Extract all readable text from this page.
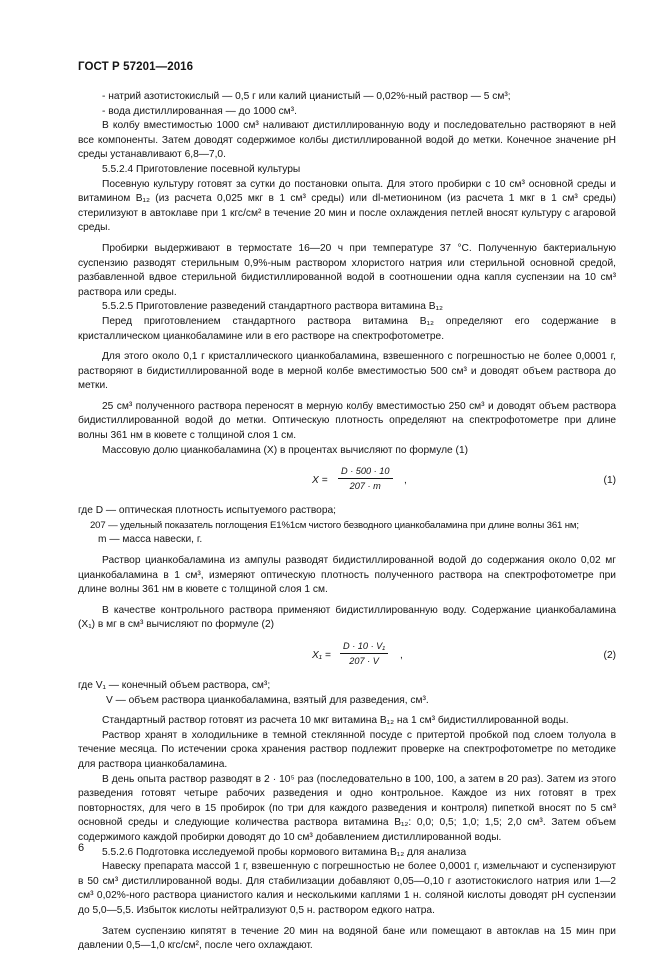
ГОСТ Р 57201—2016

- натрий азотистокислый — 0,5 г или калий цианистый — 0,02%-ный раствор — 5 см³;

- вода дистиллированная — до 1000 см³.

В колбу вместимостью 1000 см³ наливают дистиллированную воду и последовательно растворяют в ней все компоненты. Затем доводят содержимое колбы дистиллированной водой до метки. Конечное значение рН среды устанавливают 6,8—7,0.

5.5.2.4 Приготовление посевной культуры

Посевную культуру готовят за сутки до постановки опыта. Для этого пробирки с 10 см³ основной среды и витамином B₁₂ (из расчета 0,025 мкг в 1 см³ среды) или dl-метионином (из расчета 1 мкг в 1 см³ среды) стерилизуют в автоклаве при 1 кгс/см² в течение 20 мин и после охлаждения петлей вносят культуру с агаровой среды.

Пробирки выдерживают в термостате 16—20 ч при температуре 37 °С. Полученную бактериальную суспензию разводят стерильным 0,9%-ным раствором хлористого натрия или стерильной основной средой, разбавленной вдвое стерильной бидистиллированной водой в соотношении одна капля суспензии на 10 см³ раствора или среды.

5.5.2.5 Приготовление разведений стандартного раствора витамина B₁₂

Перед приготовлением стандартного раствора витамина B₁₂ определяют его содержание в кристаллическом цианкобаламине или в его растворе на спектрофотометре.

Для этого около 0,1 г кристаллического цианкобаламина, взвешенного с погрешностью не более 0,0001 г, растворяют в бидистиллированной воде в мерной колбе вместимостью 500 см³ и доводят объем раствора до метки.

25 см³ полученного раствора переносят в мерную колбу вместимостью 250 см³ и доводят объем раствора бидистиллированной водой до метки. Оптическую плотность определяют на спектрофотометре при длине волны 361 нм в кювете с толщиной слоя 1 см.

Массовую долю цианкобаламина (X) в процентах вычисляют по формуле (1)

$X = \frac{D \cdot 500 \cdot 10}{207 \cdot m}$ ,	(1)

где D — оптическая плотность испытуемого раствора;

207 — удельный показатель поглощения E1%1см чистого безводного цианкобаламина при длине волны 361 нм;

m — масса навески, г.

Раствор цианкобаламина из ампулы разводят бидистиллированной водой до содержания около 0,02 мг цианкобаламина в 1 см³, измеряют оптическую плотность полученного раствора на спектрофотометре при длине волны 361 нм в кювете с толщиной слоя 1 см.

В качестве контрольного раствора применяют бидистиллированную воду. Содержание цианкобаламина (X₁) в мг в см³ вычисляют по формуле (2)

$X_1 = \frac{\text{D · 10 · V₁}}{207 \cdot V}$ ,	(2)

где V₁ — конечный объем раствора, см³;

V — объем раствора цианкобаламина, взятый для разведения, см³.

Стандартный раствор готовят из расчета 10 мкг витамина B₁₂ на 1 см³ бидистиллированной воды.

Раствор хранят в холодильнике в темной стеклянной посуде с притертой пробкой под слоем толуола в течение месяца. По истечении срока хранения раствор подлежит проверке на спектрофотометре по методике для раствора цианкобаламина.

В день опыта раствор разводят в 2 · 10⁵ раз (последовательно в 100, 100, а затем в 20 раз). Затем из этого разведения готовят четыре рабочих разведения и одно контрольное. Каждое из них готовят в трех повторностях, для чего в 15 пробирок (по три для каждого разведения и контроля) пипеткой вносят по 5 см³ основной среды и следующие количества раствора витамина B₁₂: 0,0; 0,5; 1,0; 1,5; 2,0 см³. Затем объем содержимого каждой пробирки доводят до 10 см³ добавлением дистиллированной воды.

5.5.2.6 Подготовка исследуемой пробы кормового витамина B₁₂ для анализа

Навеску препарата массой 1 г, взвешенную с погрешностью не более 0,0001 г, измельчают и суспензируют в 50 см³ дистиллированной воды. Для стабилизации добавляют 0,05—0,10 г азотистокислого натрия или 1—2 см³ 0,02%-ного раствора цианистого калия и несколькими каплями 1 н. соляной кислоты доводят рН суспензии до 5,0—5,5. Избыток кислоты нейтрализуют 0,5 н. раствором едкого натра.

Затем суспензию кипятят в течение 20 мин на водяной бане или помещают в автоклав на 15 мин при давлении 0,5—1,0 кгс/см², после чего охлаждают.

6
